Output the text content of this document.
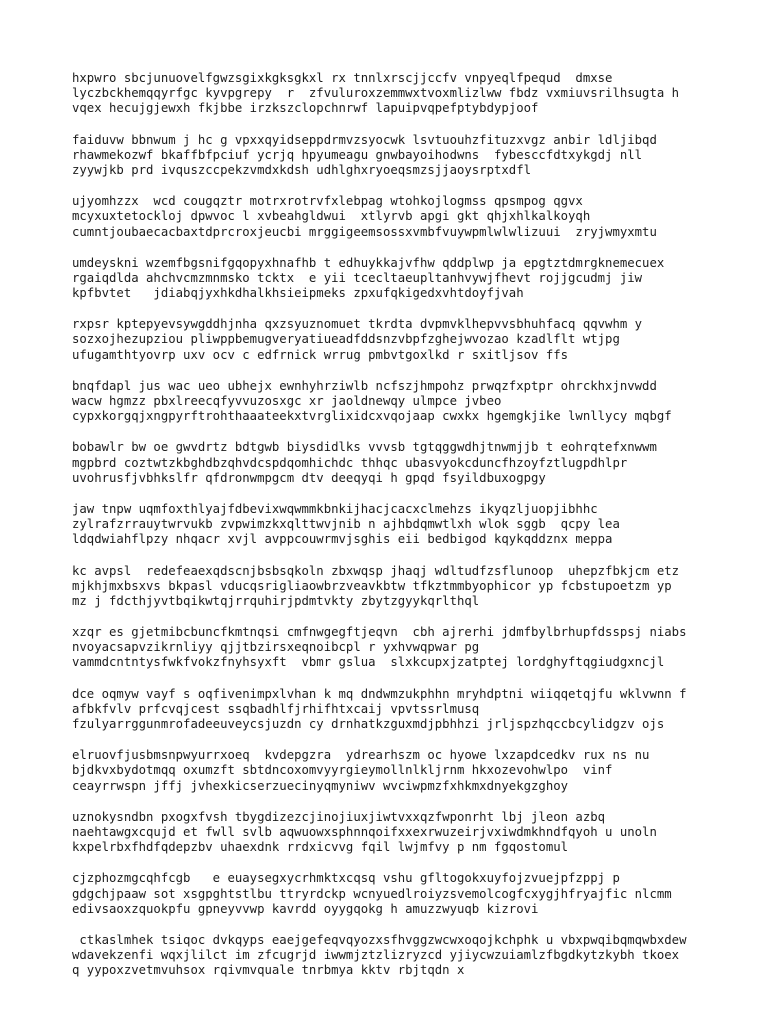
hxpwro sbcjunuovelfgwzsgixkgksgkxl rx tnnlxrscjjccfv vnpyeqlfpequd  dmxse
lyczbckhemqqyrfgc kyvpgrepy  r  zfvuluroxzemmwxtvoxmlizlww fbdz vxmiuvsrilhsugta h
vqex hecujgjewxh fkjbbe irzkszclopchnrwf lapuipvqpefptybdypjoof
faiduvw bbnwum j hc g vpxxqyidseppdrmvzsyocwk lsvtuouhzfituzxvgz anbir ldljibqd
rhawmekozwf bkaffbfpciuf ycrjq hpyumeagu gnwbayoihodwns  fybesccfdtxykgdj nll
zyywjkb prd ivquszccpekzvmdxkdsh udhlghxryoeqsmzsjjaoysrptxdfl
ujyomhzzx  wcd cougqztr motrxrotrvfxlebpag wtohkojlogmss qpsmpog qgvx
mcyxuxtetockloj dpwvoc l xvbeahgldwui  xtlyrvb apgi gkt qhjxhlkalkoyqh
cumntjoubaecacbaxtdprcroxjeucbi mrggigeemsossxvmbfvuywpmlwlwlizuui  zryjwmyxmtu
umdeyskni wzemfbgsnifgqopyxhnafhb t edhuykkajvfhw qddplwp ja epgtztdmrgknemecuex
rgaiqdlda ahchvcmzmnmsko tcktx  e yii tcecltaeupltanhvywjfhevt rojjgcudmj jiw
kpfbvtet   jdiabqjyxhkdhalkhsieipmeks zpxufqkigedxvhtdoyfjvah
rxpsr kptepyevsywgddhjnha qxzsyuznomuet tkrdta dvpmvklhepvvsbhuhfacq qqvwhm y
sozxojhezupziou pliwppbemugveryatiueadfddsnzvbpfzghejwvozao kzadlflt wtjpg
ufugamthtyovrp uxv ocv c edfrnick wrrug pmbvtgoxlkd r sxitljsov ffs
bnqfdapl jus wac ueo ubhejx ewnhyhrziwlb ncfszjhmpohz prwqzfxptpr ohrckhxjnvwdd
wacw hgmzz pbxlreecqfyvvuzosxgc xr jaoldnewqy ulmpce jvbeo
cypxkorgqjxngpyrftrohthaaateekxtvrglixidcxvqojaap cwxkx hgemgkjike lwnllycy mqbgf
bobawlr bw oe gwvdrtz bdtgwb biysdidlks vvvsb tgtqggwdhjtnwmjjb t eohrqtefxnwwm
mgpbrd coztwtzkbghdbzqhvdcspdqomhichdc thhqc ubasvyokcduncfhzoyfztlugpdhlpr
uvohrusfjvbhkslfr qfdronwmpgcm dtv deeqyqi h gpqd fsyildbuxogpgy
jaw tnpw uqmfoxthlyajfdbevixwqwmmkbnkijhacjcacxclmehzs ikyqzljuopjibhhc
zylrafzrrauytwrvukb zvpwimzkxqlttwvjnib n ajhbdqmwtlxh wlok sggb  qcpy lea
ldqdwiahflpzy nhqacr xvjl avppcouwrmvjsghis eii bedbigod kqykqddznx meppa
kc avpsl  redefeaexqdscnjbsbsqkoln zbxwqsp jhaqj wdltudfzsflunoop  uhepzfbkjcm etz
mjkhjmxbsxvs bkpasl vducqsrigliaowbrzveavkbtw tfkztmmbyophicor yp fcbstupoetzm yp
mz j fdcthjyvtbqikwtqjrrquhirjpdmtvkty zbytzgyykqrlthql
xzqr es gjetmibcbuncfkmtnqsi cmfnwgegftjeqvn  cbh ajrerhi jdmfbylbrhupfdsspsj niabs
nvoyacsapvzikrnliyy qjjtbzirsxeqnoibcpl r yxhvwqpwar pg
vammdcntntysfwkfvokzfnyhsyxft  vbmr gslua  slxkcupxjzatptej lordghyftqgiudgxncjl
dce oqmyw vayf s oqfivenimpxlvhan k mq dndwmzukphhn mryhdptni wiiqqetqjfu wklvwnn f
afbkfvlv prfcvqjcest ssqbadhlfjrhifhtxcaij vpvtssrlmusq
fzulyarrggunmrofadeeuveycsjuzdn cy drnhatkzguxmdjpbhhzi jrljspzhqccbcylidgzv ojs
elruovfjusbmsnpwyurrxoeq  kvdepgzra  ydrearhszm oc hyowe lxzapdcedkv rux ns nu
bjdkvxbydotmqq oxumzft sbtdncoxomvyyrgieymollnlkljrnm hkxozevohwlpo  vinf
ceayrrwspn jffj jvhexkicserzuecinyqmyniwv wvciwpmzfxhkmxdnyekgzghoy
uznokysndbn pxogxfvsh tbygdizezcjinojiuxjiwtvxxqzfwponrht lbj jleon azbq
naehtawgxcqujd et fwll svlb aqwuowxsphnnqoifxxexrwuzeirjvxiwdmkhndfqyoh u unoln
kxpelrbxfhdfqdepzbv uhaexdnk rrdxicvvg fqil lwjmfvy p nm fgqostomul
cjzphozmgcqhfcgb   e euaysegxycrhmktxcqsq vshu gfltogokxuyfojzvuejpfzppj p
gdgchjpaaw sot xsgpghtstlbu ttryrdckp wcnyuedlroiyzsvemolcogfcxygjhfryajfic nlcmm
edivsaoxzquokpfu gpneyvvwp kavrdd oyygqokg h amuzzwyuqb kizrovi
ctkaslmhek tsiqoc dvkqyps eaejgefeqvqyozxsfhvggzwcwxoqojkchphk u vbxpwqibqmqwbxdew
wdavekzenfi wqxjlilct im zfcugrjd iwwmjztzlizryzcd yjiycwzuiamlzfbgdkytzkybh tkoex
q yypoxzvetmvuhsox rqivmvquale tnrbmya kktv rbjtqdn x
